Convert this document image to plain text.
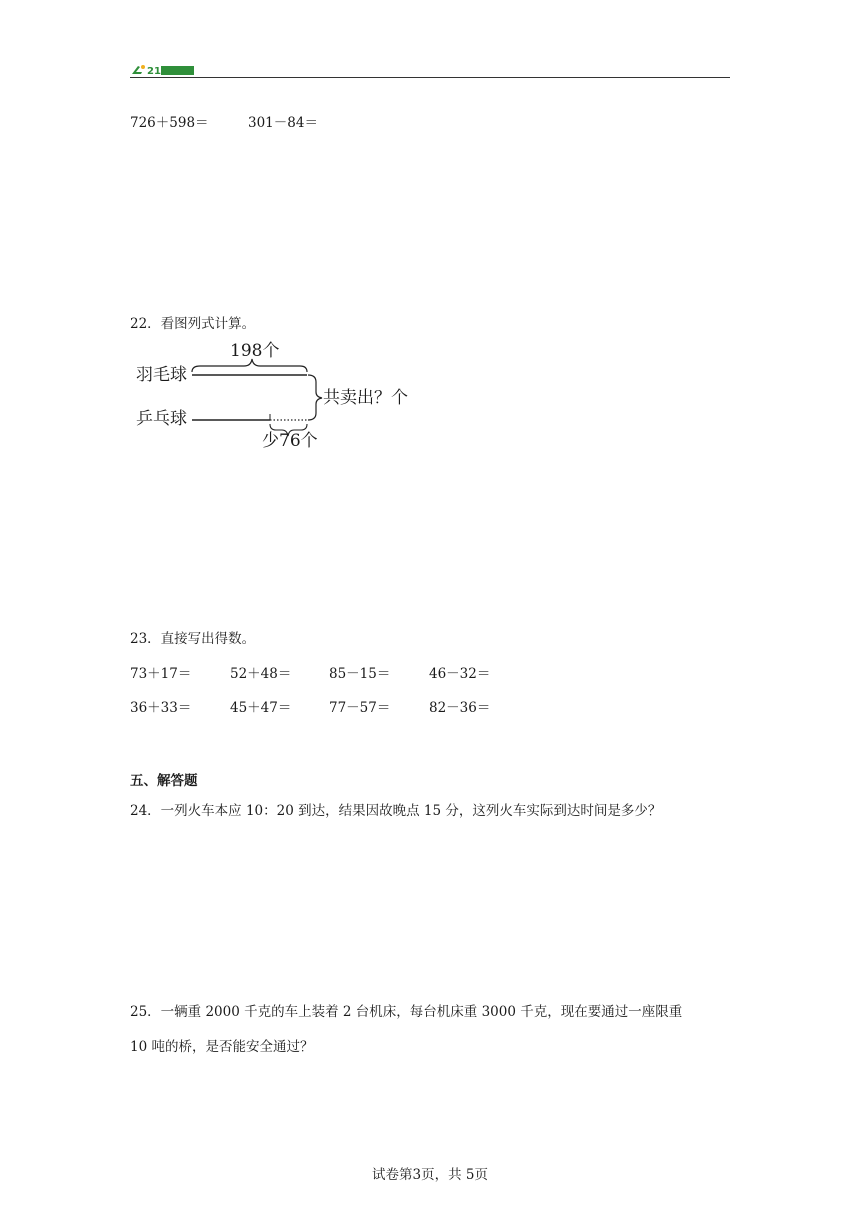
21
726＋598＝	301－84＝
22．看图列式计算。
198个
羽毛球
乒乓球
共卖出？个
少76个
23．直接写出得数。
73＋17＝	52＋48＝	85－15＝	46－32＝
36＋33＝	45＋47＝	77－57＝	82－36＝
五、解答题
24．一列火车本应 10：20 到达，结果因故晚点 15 分，这列火车实际到达时间是多少？
25．一辆重 2000 千克的车上装着 2 台机床，每台机床重 3000 千克，现在要通过一座限重
10 吨的桥，是否能安全通过？
试卷第3页，共 5页
